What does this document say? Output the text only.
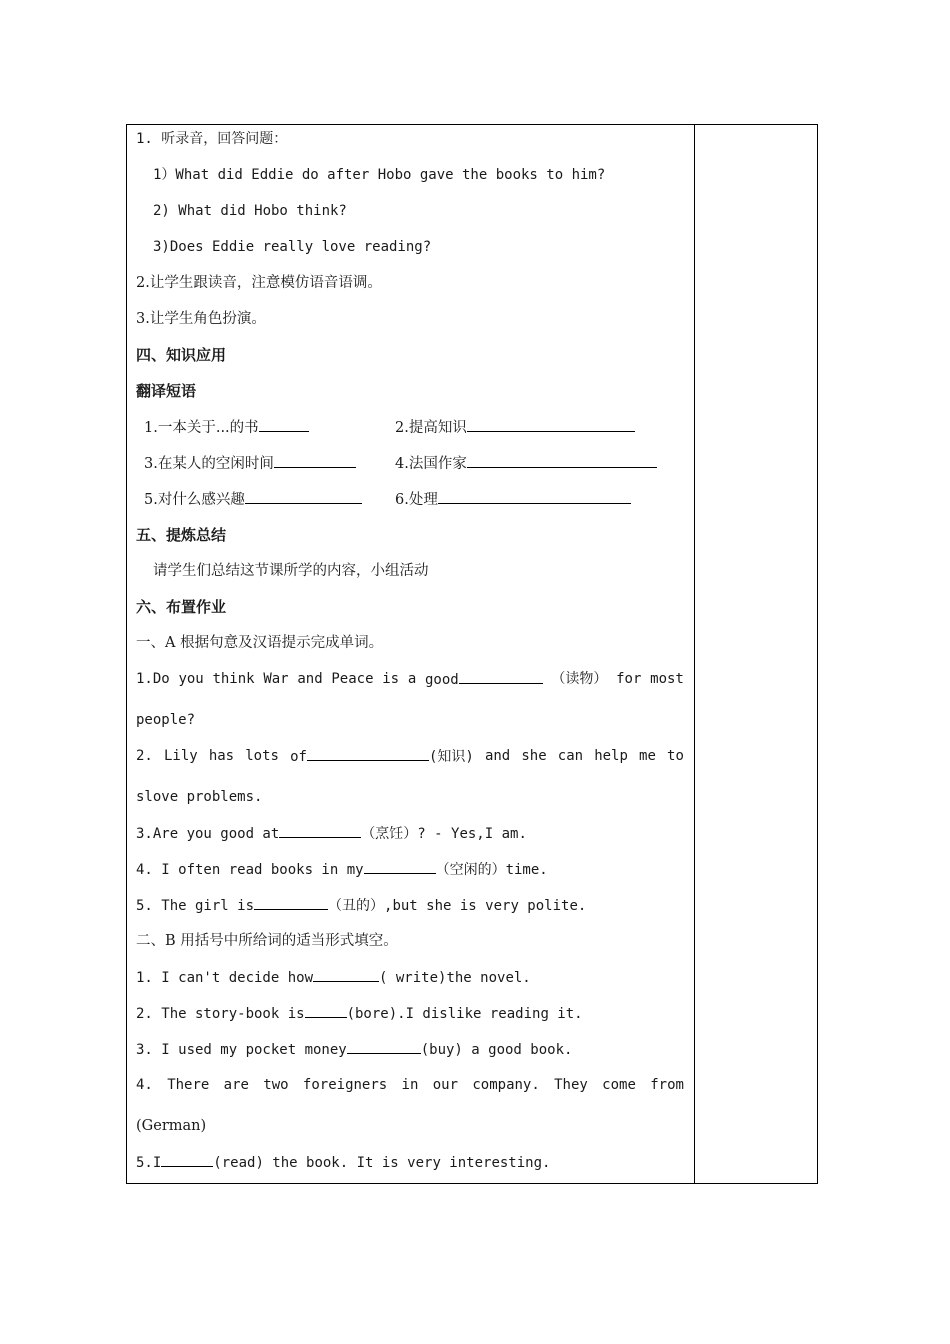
1. 听录音，回答问题：
1）What did Eddie do after Hobo gave the books to him?
2) What did Hobo think?
3)Does Eddie really love reading?
2.让学生跟读音，注意模仿语音语调。
3.让学生角色扮演。
四、知识应用
翻译短语
1.一本关于...的书	2.提高知识
3.在某人的空闲时间	4.法国作家
5.对什么感兴趣	6.处理
五、提炼总结
请学生们总结这节课所学的内容，小组活动
六、布置作业
一、A 根据句意及汉语提示完成单词。
1.Do you think War and Peace is a good	（读物） for most
people?
2. Lily has lots of	(知识) and she can help me to
slove problems.
3.Are you good at	（烹饪）? - Yes,I am.
4. I often read books in my	（空闲的）time.
5. The girl is	（丑的）,but she is very polite.
二、B 用括号中所给词的适当形式填空。
1. I can't decide how	( write)the novel.
2. The story-book is	(bore).I dislike reading it.
3. I used my pocket money	(buy) a good book.
4. There are two foreigners in our company. They come from
(German)
5.I	(read) the book. It is very interesting.
